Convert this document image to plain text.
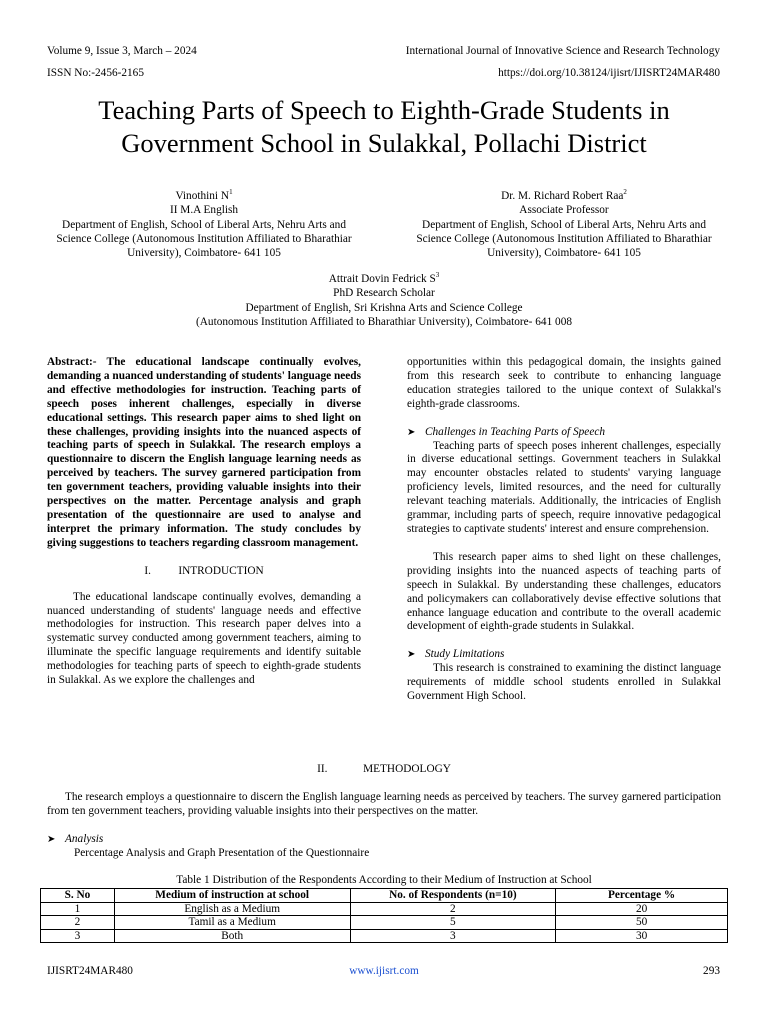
Volume 9, Issue 3, March – 2024
ISSN No:-2456-2165
International Journal of Innovative Science and Research Technology
https://doi.org/10.38124/ijisrt/IJISRT24MAR480
Teaching Parts of Speech to Eighth-Grade Students in Government School in Sulakkal, Pollachi District
Vinothini $N^1$
II M.A English
Department of English, School of Liberal Arts, Nehru Arts and Science College (Autonomous Institution Affiliated to Bharathiar University), Coimbatore- 641 105
Dr. M. Richard Robert Raa$^2$
Associate Professor
Department of English, School of Liberal Arts, Nehru Arts and Science College (Autonomous Institution Affiliated to Bharathiar University), Coimbatore- 641 105
Attrait Dovin Fedrick $S^3$
PhD Research Scholar
Department of English, Sri Krishna Arts and Science College
(Autonomous Institution Affiliated to Bharathiar University), Coimbatore- 641 008

Abstract:- The educational landscape continually evolves, demanding a nuanced understanding of students' language needs and effective methodologies for instruction. Teaching parts of speech poses inherent challenges, especially in diverse educational settings. This research paper aims to shed light on these challenges, providing insights into the nuanced aspects of teaching parts of speech in Sulakkal. The research employs a questionnaire to discern the English language learning needs as perceived by teachers. The survey garnered participation from ten government teachers, providing valuable insights into their perspectives on the matter. Percentage analysis and graph presentation of the questionnaire are used to analyse and interpret the primary information. The study concludes by giving suggestions to teachers regarding classroom management.

I. INTRODUCTION

The educational landscape continually evolves, demanding a nuanced understanding of students' language needs and effective methodologies for instruction. This research paper delves into a systematic survey conducted among government teachers, aiming to illuminate the specific language requirements and identify suitable methodologies for teaching parts of speech to eighth-grade students in Sulakkal. As we explore the challenges and

opportunities within this pedagogical domain, the insights gained from this research seek to contribute to enhancing language education strategies tailored to the unique context of Sulakkal's eighth-grade classrooms.

➤ Challenges in Teaching Parts of Speech

Teaching parts of speech poses inherent challenges, especially in diverse educational settings. Government teachers in Sulakkal may encounter obstacles related to students' varying language proficiency levels, limited resources, and the need for culturally relevant teaching materials. Additionally, the intricacies of English grammar, including parts of speech, require innovative pedagogical strategies to captivate students' interest and ensure comprehension.

This research paper aims to shed light on these challenges, providing insights into the nuanced aspects of teaching parts of speech in Sulakkal. By understanding these challenges, educators and policymakers can collaboratively devise effective solutions that enhance language education and contribute to the overall academic development of eighth-grade students in Sulakkal.

➤ Study Limitations

This research is constrained to examining the distinct language requirements of middle school students enrolled in Sulakkal Government High School.

II.	METHODOLOGY
The research employs a questionnaire to discern the English language learning needs as perceived by teachers. The survey garnered participation from ten government teachers, providing valuable insights into their perspectives on the matter.
➤ Analysis
Percentage Analysis and Graph Presentation of the Questionnaire
Table 1 Distribution of the Respondents According to their Medium of Instruction at School
S. No	Medium of instruction at school	No. of Respondents (n=10)	Percentage %
1	English as a Medium	2	20
2	Tamil as a Medium	5	50
3	Both	3	30
IJISRT24MAR480	www.ijisrt.com	293
